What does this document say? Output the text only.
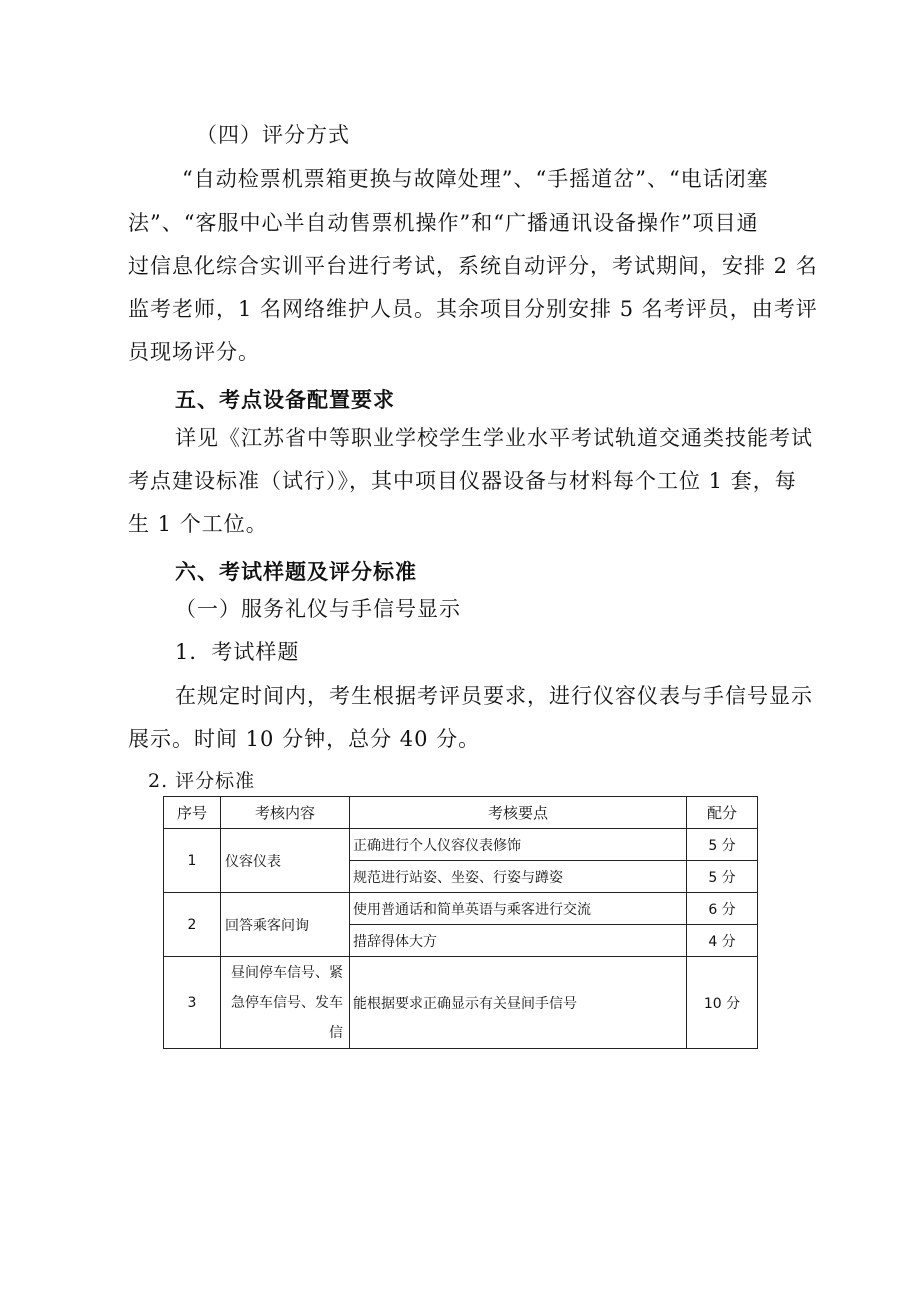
（四）评分方式
“自动检票机票箱更换与故障处理”、“手摇道岔”、“电话闭塞
法”、“客服中心半自动售票机操作”和“广播通讯设备操作”项目通
过信息化综合实训平台进行考试，系统自动评分，考试期间，安排 2 名
监考老师，1 名网络维护人员。其余项目分别安排 5 名考评员，由考评
员现场评分。
五、考点设备配置要求
详见《江苏省中等职业学校学生学业水平考试轨道交通类技能考试
考点建设标准（试行）》，其中项目仪器设备与材料每个工位 1 套，每
生 1 个工位。
六、考试样题及评分标准
（一）服务礼仪与手信号显示
1．考试样题
在规定时间内，考生根据考评员要求，进行仪容仪表与手信号显示
展示。时间 10 分钟，总分 40 分。
2. 评分标准
序号	考核内容	考核要点	配分
1	仪容仪表	正确进行个人仪容仪表修饰	5 分
		规范进行站姿、坐姿、行姿与蹲姿	5 分
2	回答乘客问询	使用普通话和简单英语与乘客进行交流	6 分
		措辞得体大方	4 分
3	昼间停车信号、紧
急停车信号、发车
信	能根据要求正确显示有关昼间手信号	10 分
